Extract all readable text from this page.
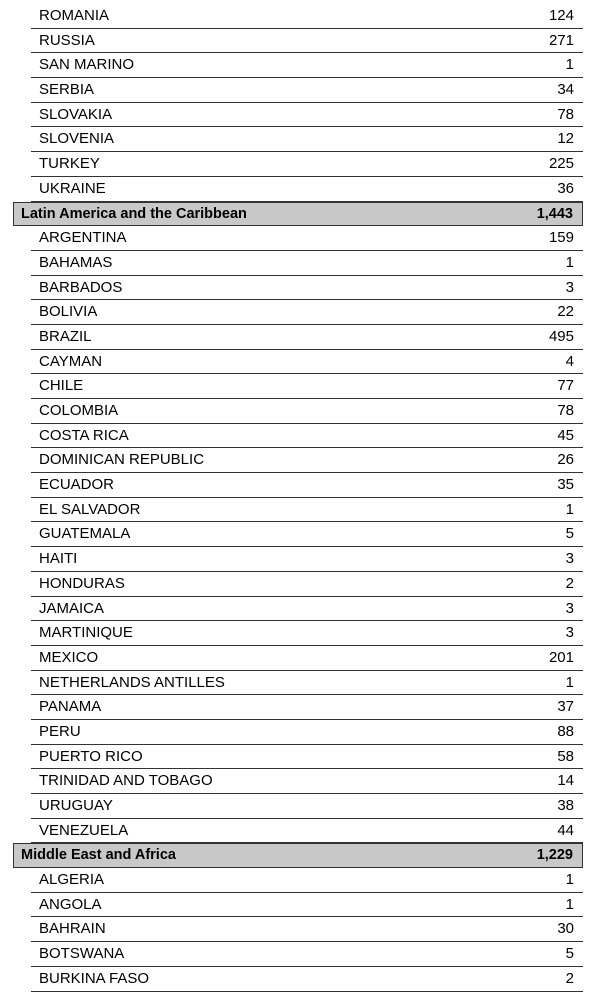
ROMANIA	124
RUSSIA	271
SAN MARINO	1
SERBIA	34
SLOVAKIA	78
SLOVENIA	12
TURKEY	225
UKRAINE	36
Latin America and the Caribbean	1,443
ARGENTINA	159
BAHAMAS	1
BARBADOS	3
BOLIVIA	22
BRAZIL	495
CAYMAN	4
CHILE	77
COLOMBIA	78
COSTA RICA	45
DOMINICAN REPUBLIC	26
ECUADOR	35
EL SALVADOR	1
GUATEMALA	5
HAITI	3
HONDURAS	2
JAMAICA	3
MARTINIQUE	3
MEXICO	201
NETHERLANDS ANTILLES	1
PANAMA	37
PERU	88
PUERTO RICO	58
TRINIDAD AND TOBAGO	14
URUGUAY	38
VENEZUELA	44
Middle East and Africa	1,229
ALGERIA	1
ANGOLA	1
BAHRAIN	30
BOTSWANA	5
BURKINA FASO	2
